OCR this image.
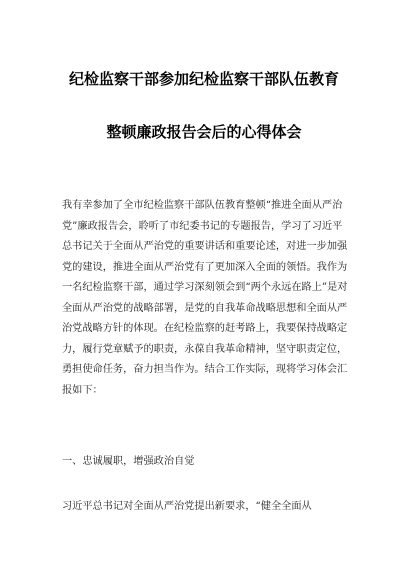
纪检监察干部参加纪检监察干部队伍教育
整顿廉政报告会后的心得体会

我有幸参加了全市纪检监察干部队伍教育整顿“推进全面从严治党”廉政报告会，聆听了市纪委书记的专题报告，学习了习近平总书记关于全面从严治党的重要讲话和重要论述，对进一步加强党的建设，推进全面从严治党有了更加深入全面的领悟。我作为一名纪检监察干部，通过学习深刻领会到“两个永远在路上”是对全面从严治党的战略部署，是党的自我革命战略思想和全面从严治党战略方针的体现。在纪检监察的赶考路上，我要保持战略定力，履行党章赋予的职责，永葆自我革命精神，坚守职责定位，勇担使命任务，奋力担当作为。结合工作实际，现将学习体会汇报如下：

一、忠诚履职，增强政治自觉
习近平总书记对全面从严治党提出新要求，“健全全面从
